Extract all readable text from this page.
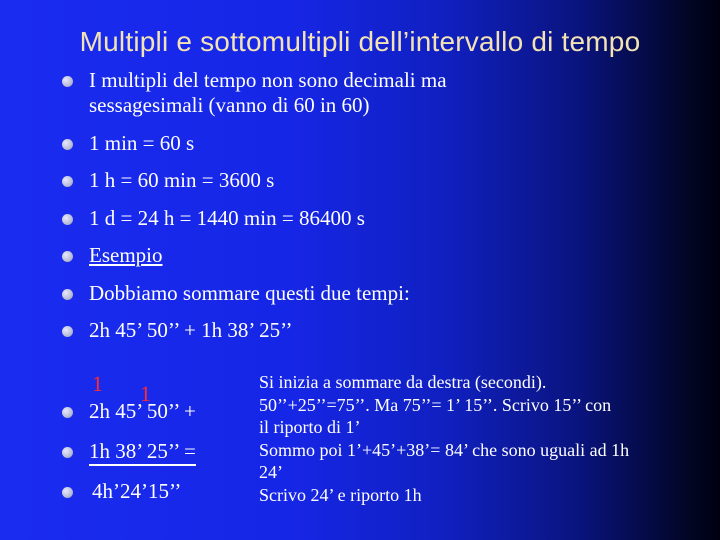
Multipli e sottomultipli dell’intervallo di tempo
I multipli del tempo non sono decimali ma sessagesimali (vanno di 60 in 60)
1 min = 60 s
1 h = 60 min = 3600 s
1 d = 24 h = 1440 min = 86400 s
Esempio
Dobbiamo sommare questi due tempi:
2h 45’ 50’’ + 1h 38’ 25’’
1 1
2h 45’ 50’’ +
1h 38’ 25’’ =
4h’24’15’’
Si inizia a sommare da destra (secondi).
50’’+25’’=75’’. Ma 75’’= 1’ 15’’. Scrivo 15’’ con
il riporto di 1’
Sommo poi 1’+45’+38’= 84’ che sono uguali ad 1h
24’
Scrivo 24’ e riporto 1h
